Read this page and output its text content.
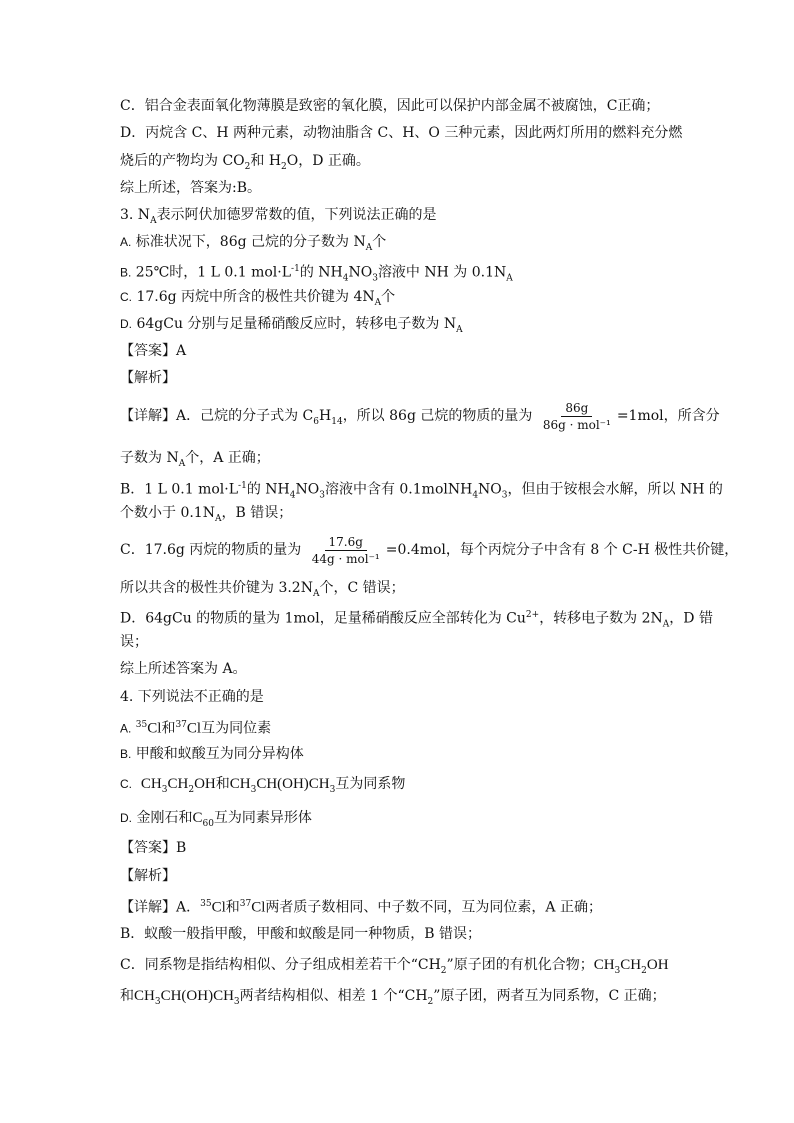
C．铝合金表面氧化物薄膜是致密的氧化膜，因此可以保护内部金属不被腐蚀，C正确；
D．丙烷含 C、H 两种元素，动物油脂含 C、H、O 三种元素，因此两灯所用的燃料充分燃
烧后的产物均为 $CO_2$和 $H_2O$，D 正确。
综上所述，答案为:B。
3. $N_A$表示阿伏加德罗常数的值，下列说法正确的是
A. 标准状况下，86g 己烷的分子数为 $N_A$个
B. 25℃时，1 L 0.1 $mol\cdot L^{-1}$的 $NH_4NO_3$溶液中 NH 为 $0.1N_A$
C. 17.6g 丙烷中所含的极性共价键为 $4N_A$个
D. 64gCu 分别与足量稀硝酸反应时，转移电子数为 $N_A$
【答案】A
【解析】
【详解】A．己烷的分子式为 $C_6H_{14}$，所以 86g 己烷的物质的量为 $\frac{86g}{\text{86g · mol⁻¹}} =1mol$，所含分
子数为 $N_A$个，A 正确；
B．1 L 0.1 $mol\cdot L^{-1}$的 $NH_4NO_3$溶液中含有 $0.1molNH_4NO_3$，但由于铵根会水解，所以 NH 的
个数小于 $0.1N_A$，B 错误；
C．17.6g 丙烷的物质的量为 $\frac{17.6g}{\text{44g · mol⁻¹}} =0.4mol$，每个丙烷分子中含有 8 个 C-H 极性共价键，
所以共含的极性共价键为 $3.2N_A$个，C 错误；
D．64gCu 的物质的量为 1mol，足量稀硝酸反应全部转化为 $Cu^{2+}$，转移电子数为 $2N_A$，D 错
误；
综上所述答案为 A。
4. 下列说法不正确的是
A. $^{35}$Cl和$^{37}$Cl互为同位素
B. 甲酸和蚁酸互为同分异构体
C. $CH_3CH_2OH$和$CH_3CH(OH)CH_3$互为同系物
D. 金刚石和$C_{60}$互为同素异形体
【答案】B
【解析】
【详解】A．$^{35}$Cl和$^{37}$Cl两者质子数相同、中子数不同，互为同位素，A 正确；
B．蚁酸一般指甲酸，甲酸和蚁酸是同一种物质，B 错误；
C．同系物是指结构相似、分子组成相差若干个“$CH_2$”原子团的有机化合物；$CH_3CH_2OH$
和$CH_3CH(OH)CH_3$两者结构相似、相差 1 个“$CH_2$”原子团，两者互为同系物，C 正确；
